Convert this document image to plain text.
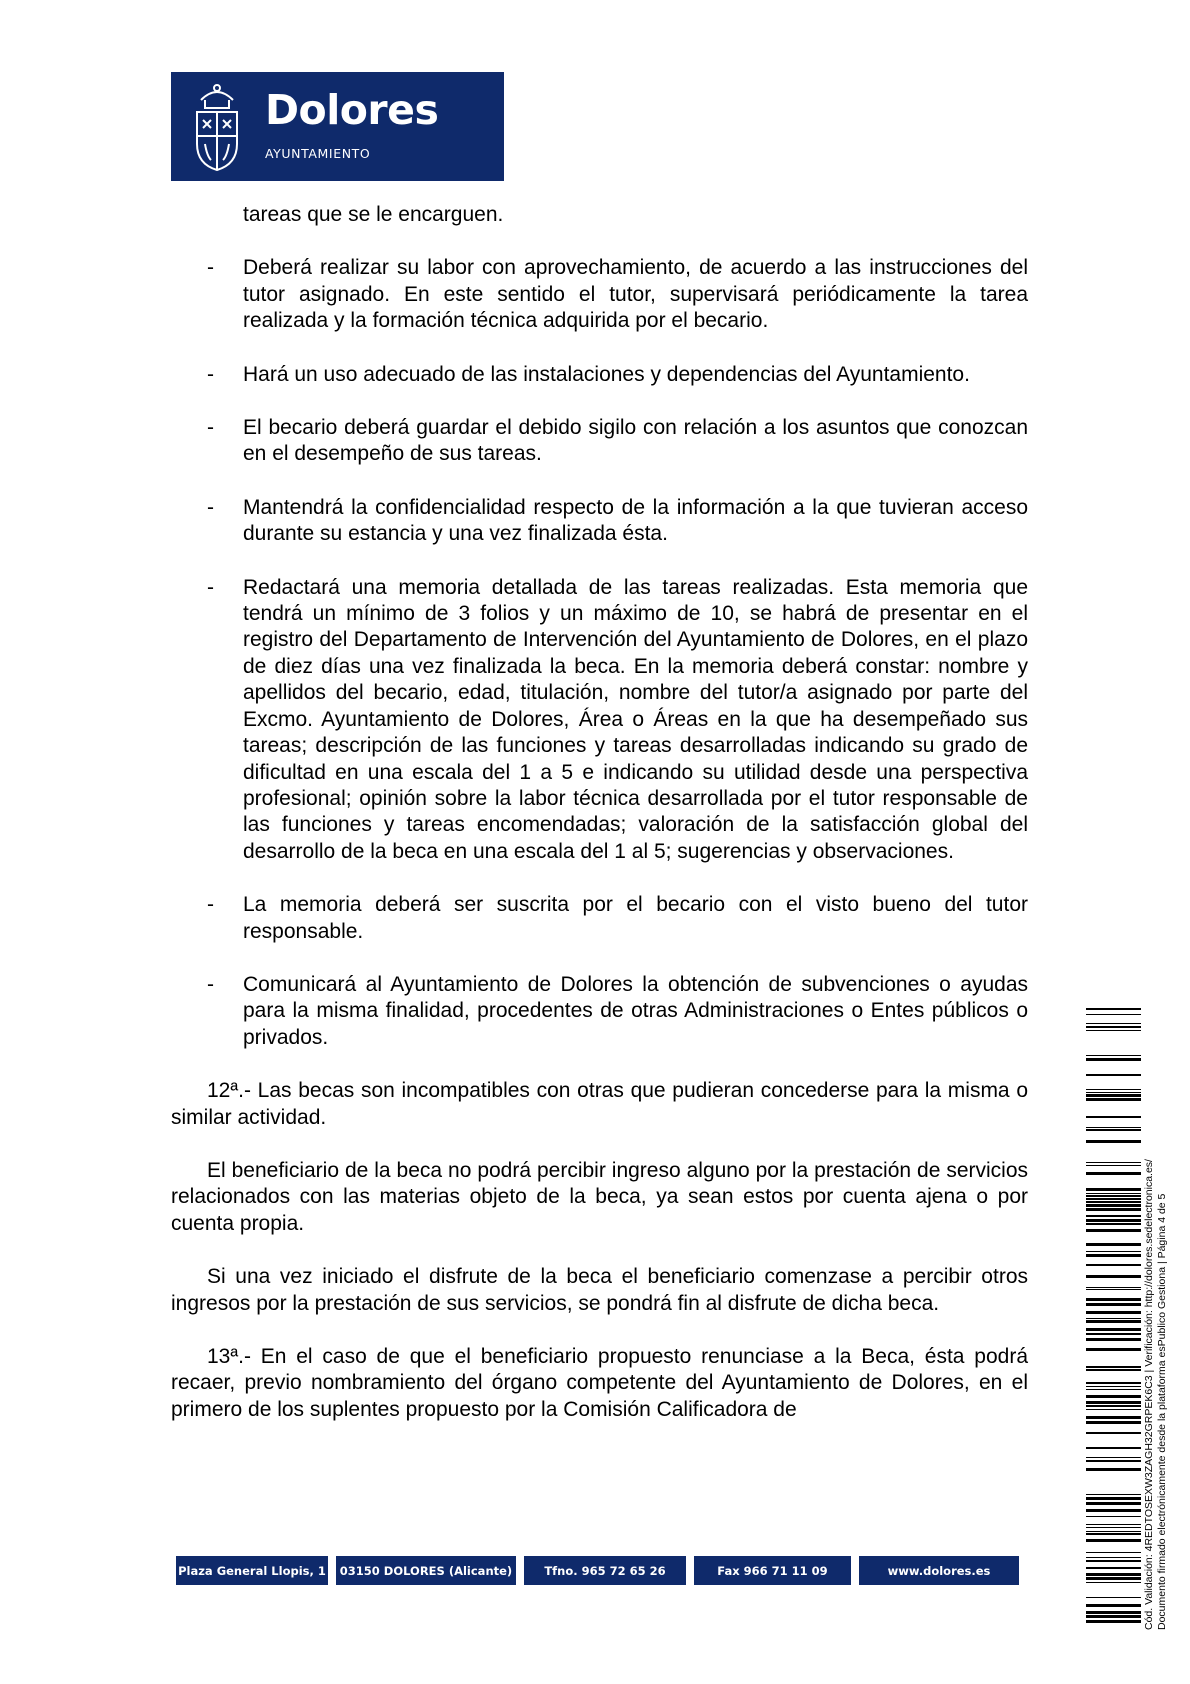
Dolores
AYUNTAMIENTO

tareas que se le encarguen.

- Deberá realizar su labor con aprovechamiento, de acuerdo a las instrucciones del tutor asignado. En este sentido el tutor, supervisará periódicamente la tarea realizada y la formación técnica adquirida por el becario.
- Hará un uso adecuado de las instalaciones y dependencias del Ayuntamiento.
- El becario deberá guardar el debido sigilo con relación a los asuntos que conozcan en el desempeño de sus tareas.
- Mantendrá la confidencialidad respecto de la información a la que tuvieran acceso durante su estancia y una vez finalizada ésta.
- Redactará una memoria detallada de las tareas realizadas. Esta memoria que tendrá un mínimo de 3 folios y un máximo de 10, se habrá de presentar en el registro del Departamento de Intervención del Ayuntamiento de Dolores, en el plazo de diez días una vez finalizada la beca. En la memoria deberá constar: nombre y apellidos del becario, edad, titulación, nombre del tutor/a asignado por parte del Excmo. Ayuntamiento de Dolores, Área o Áreas en la que ha desempeñado sus tareas; descripción de las funciones y tareas desarrolladas indicando su grado de dificultad en una escala del 1 a 5 e indicando su utilidad desde una perspectiva profesional; opinión sobre la labor técnica desarrollada por el tutor responsable de las funciones y tareas encomendadas; valoración de la satisfacción global del desarrollo de la beca en una escala del 1 al 5; sugerencias y observaciones.
- La memoria deberá ser suscrita por el becario con el visto bueno del tutor responsable.
- Comunicará al Ayuntamiento de Dolores la obtención de subvenciones o ayudas para la misma finalidad, procedentes de otras Administraciones o Entes públicos o privados.

12ª.- Las becas son incompatibles con otras que pudieran concederse para la misma o similar actividad.

El beneficiario de la beca no podrá percibir ingreso alguno por la prestación de servicios relacionados con las materias objeto de la beca, ya sean estos por cuenta ajena o por cuenta propia.

Si una vez iniciado el disfrute de la beca el beneficiario comenzase a percibir otros ingresos por la prestación de sus servicios, se pondrá fin al disfrute de dicha beca.

13ª.- En el caso de que el beneficiario propuesto renunciase a la Beca, ésta podrá recaer, previo nombramiento del órgano competente del Ayuntamiento de Dolores, en el primero de los suplentes propuesto por la Comisión Calificadora de

Plaza General Llopis, 1	03150 DOLORES (Alicante)	Tfno. 965 72 65 26	Fax 966 71 11 09	www.dolores.es	Cód. Validación: 4REDTOSEXW3ZAGH32GRPEK6C3 | Verificación: http://dolores.sedelectronica.es/ Documento firmado electrónicamente desde la plataforma esPublico Gestiona | Página 4 de 5
